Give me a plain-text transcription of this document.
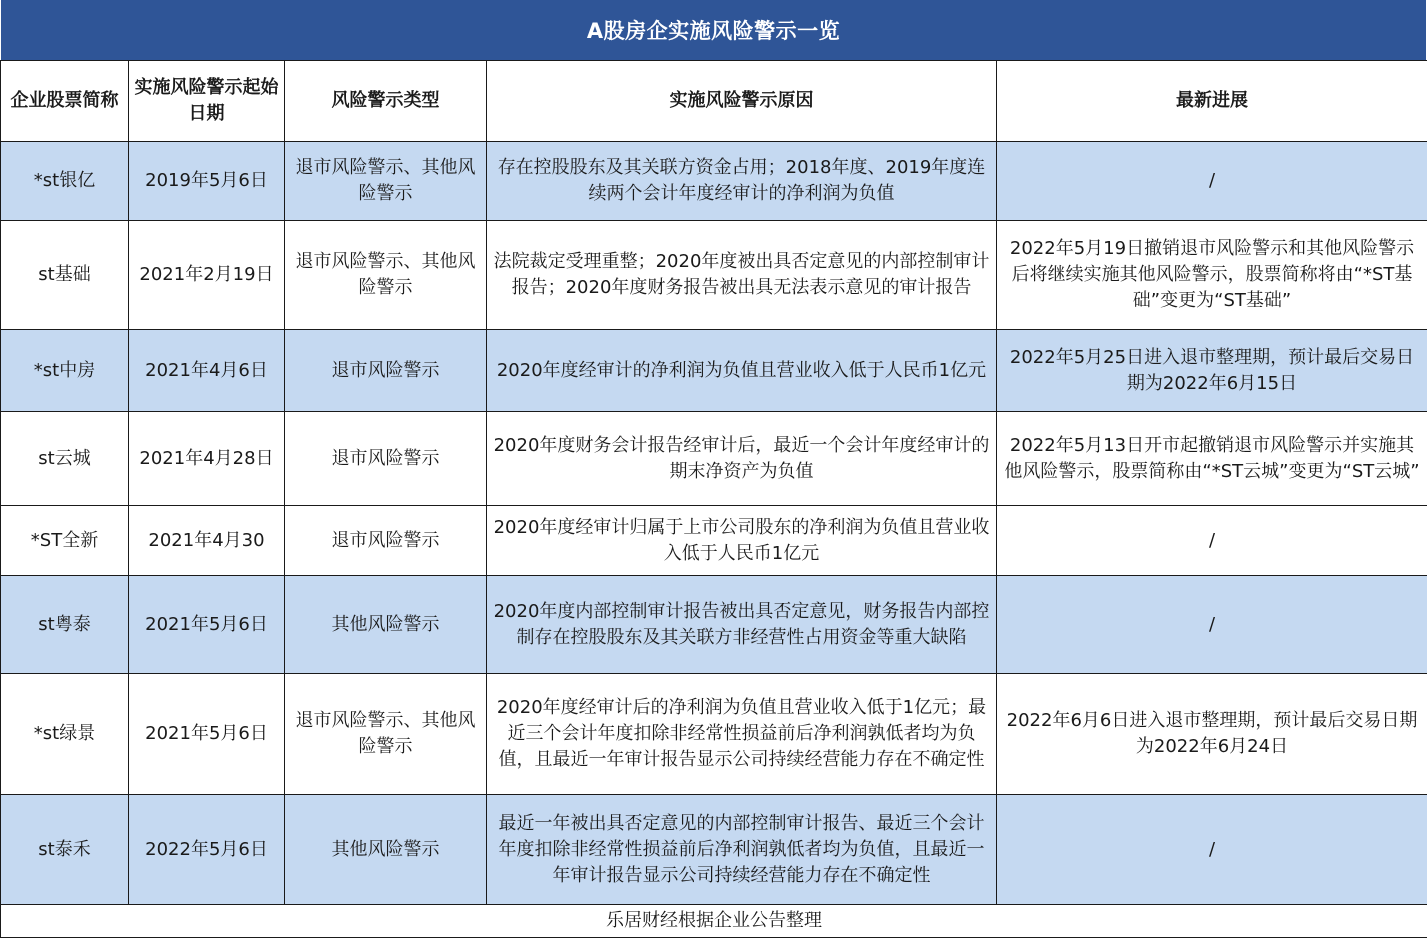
A股房企实施风险警示一览
企业股票简称	实施风险警示起始日期	风险警示类型	实施风险警示原因	最新进展
*st银亿	2019年5月6日	退市风险警示、其他风险警示	存在控股股东及其关联方资金占用；2018年度、2019年度连续两个会计年度经审计的净利润为负值	/
st基础	2021年2月19日	退市风险警示、其他风险警示	法院裁定受理重整；2020年度被出具否定意见的内部控制审计报告；2020年度财务报告被出具无法表示意见的审计报告	2022年5月19日撤销退市风险警示和其他风险警示后将继续实施其他风险警示，股票简称将由“*ST基础”变更为“ST基础”
*st中房	2021年4月6日	退市风险警示	2020年度经审计的净利润为负值且营业收入低于人民币1亿元	2022年5月25日进入退市整理期，预计最后交易日期为2022年6月15日
st云城	2021年4月28日	退市风险警示	2020年度财务会计报告经审计后，最近一个会计年度经审计的期末净资产为负值	2022年5月13日开市起撤销退市风险警示并实施其他风险警示，股票简称由“*ST云城”变更为“ST云城”
*ST全新	2021年4月30	退市风险警示	2020年度经审计归属于上市公司股东的净利润为负值且营业收入低于人民币1亿元	/
st粤泰	2021年5月6日	其他风险警示	2020年度内部控制审计报告被出具否定意见，财务报告内部控制存在控股股东及其关联方非经营性占用资金等重大缺陷	/
*st绿景	2021年5月6日	退市风险警示、其他风险警示	2020年度经审计后的净利润为负值且营业收入低于1亿元；最近三个会计年度扣除非经常性损益前后净利润孰低者均为负值，且最近一年审计报告显示公司持续经营能力存在不确定性	2022年6月6日进入退市整理期，预计最后交易日期为2022年6月24日
st泰禾	2022年5月6日	其他风险警示	最近一年被出具否定意见的内部控制审计报告、最近三个会计年度扣除非经常性损益前后净利润孰低者均为负值，且最近一年审计报告显示公司持续经营能力存在不确定性	/
乐居财经根据企业公告整理				
